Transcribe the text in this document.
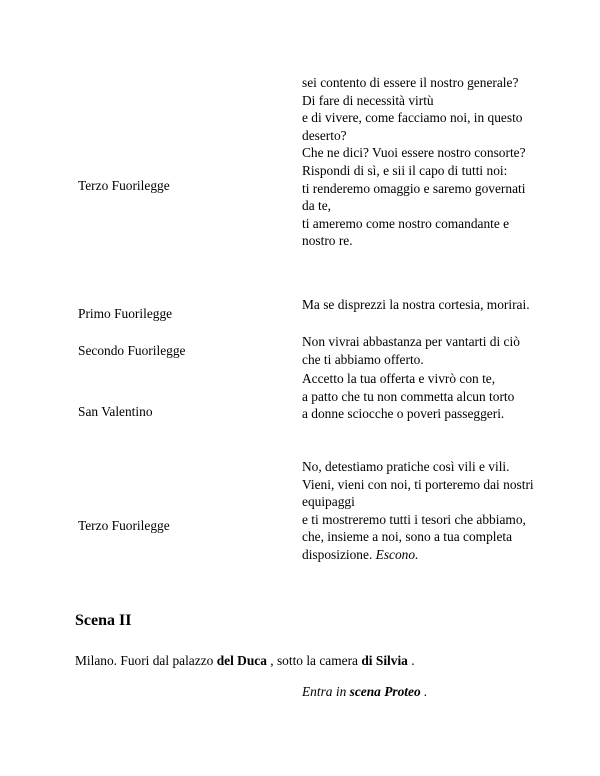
Terzo Fuorilegge

sei contento di essere il nostro generale?

Di fare di necessità virtù

e di vivere, come facciamo noi, in questo deserto?

Che ne dici? Vuoi essere nostro consorte?

Rispondi di sì, e sii il capo di tutti noi:

ti renderemo omaggio e saremo governati da te,

ti ameremo come nostro comandante e nostro re.

Primo Fuorilegge

Ma se disprezzi la nostra cortesia, morirai.

Secondo Fuorilegge

Non vivrai abbastanza per vantarti di ciò che ti abbiamo offerto.

San Valentino

Accetto la tua offerta e vivrò con te,

a patto che tu non commetta alcun torto

a donne sciocche o poveri passeggeri.

Terzo Fuorilegge

No, detestiamo pratiche così vili e vili.

Vieni, vieni con noi, ti porteremo dai nostri equipaggi

e ti mostreremo tutti i tesori che abbiamo,

che, insieme a noi, sono a tua completa disposizione. Escono.

Scena II
Milano. Fuori dal palazzo del Duca , sotto la camera di Silvia .
Entra in scena Proteo .
